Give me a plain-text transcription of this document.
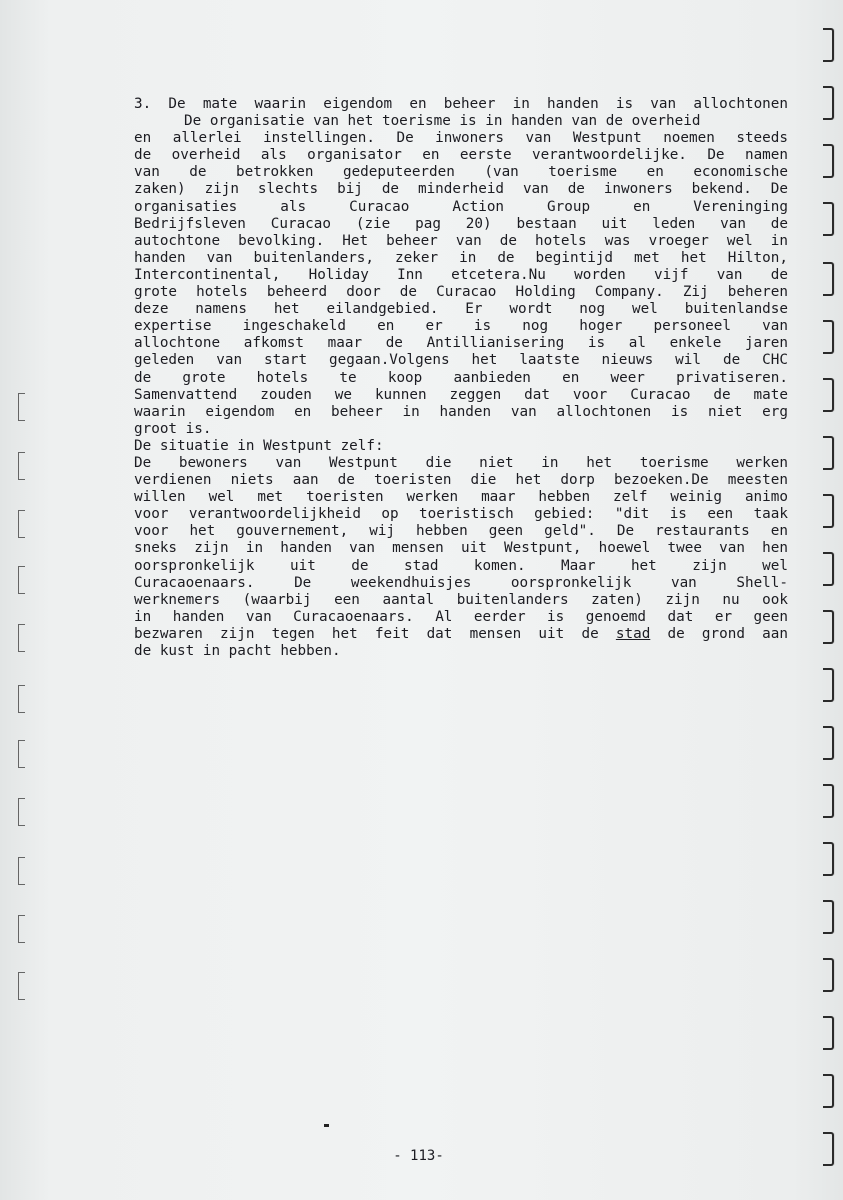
3. De mate waarin eigendom en beheer in handen is van allochtonen
De organisatie van het toerisme is in handen van de overheid
en allerlei instellingen. De inwoners van Westpunt noemen steeds
de overheid als organisator en eerste verantwoordelijke. De namen
van de betrokken gedeputeerden (van toerisme en economische
zaken) zijn slechts bij de minderheid van de inwoners bekend. De
organisaties als Curacao Action Group en Vereninging
Bedrijfsleven Curacao (zie pag 20) bestaan uit leden van de
autochtone bevolking. Het beheer van de hotels was vroeger wel in
handen van buitenlanders, zeker in de begintijd met het Hilton,
Intercontinental, Holiday Inn etcetera.Nu worden vijf van de
grote hotels beheerd door de Curacao Holding Company. Zij beheren
deze namens het eilandgebied. Er wordt nog wel buitenlandse
expertise ingeschakeld en er is nog hoger personeel van
allochtone afkomst maar de Antillianisering is al enkele jaren
geleden van start gegaan.Volgens het laatste nieuws wil de CHC
de grote hotels te koop aanbieden en weer privatiseren.
Samenvattend zouden we kunnen zeggen dat voor Curacao de mate
waarin eigendom en beheer in handen van allochtonen is niet erg
groot is.
De situatie in Westpunt zelf:
De bewoners van Westpunt die niet in het toerisme werken
verdienen niets aan de toeristen die het dorp bezoeken.De meesten
willen wel met toeristen werken maar hebben zelf weinig animo
voor verantwoordelijkheid op toeristisch gebied: "dit is een taak
voor het gouvernement, wij hebben geen geld". De restaurants en
sneks zijn in handen van mensen uit Westpunt, hoewel twee van hen
oorspronkelijk uit de stad komen. Maar het zijn wel
Curacaoenaars. De weekendhuisjes oorspronkelijk van Shell-
werknemers (waarbij een aantal buitenlanders zaten) zijn nu ook
in handen van Curacaoenaars. Al eerder is genoemd dat er geen
bezwaren zijn tegen het feit dat mensen uit de stad de grond aan
de kust in pacht hebben.
- 113-
